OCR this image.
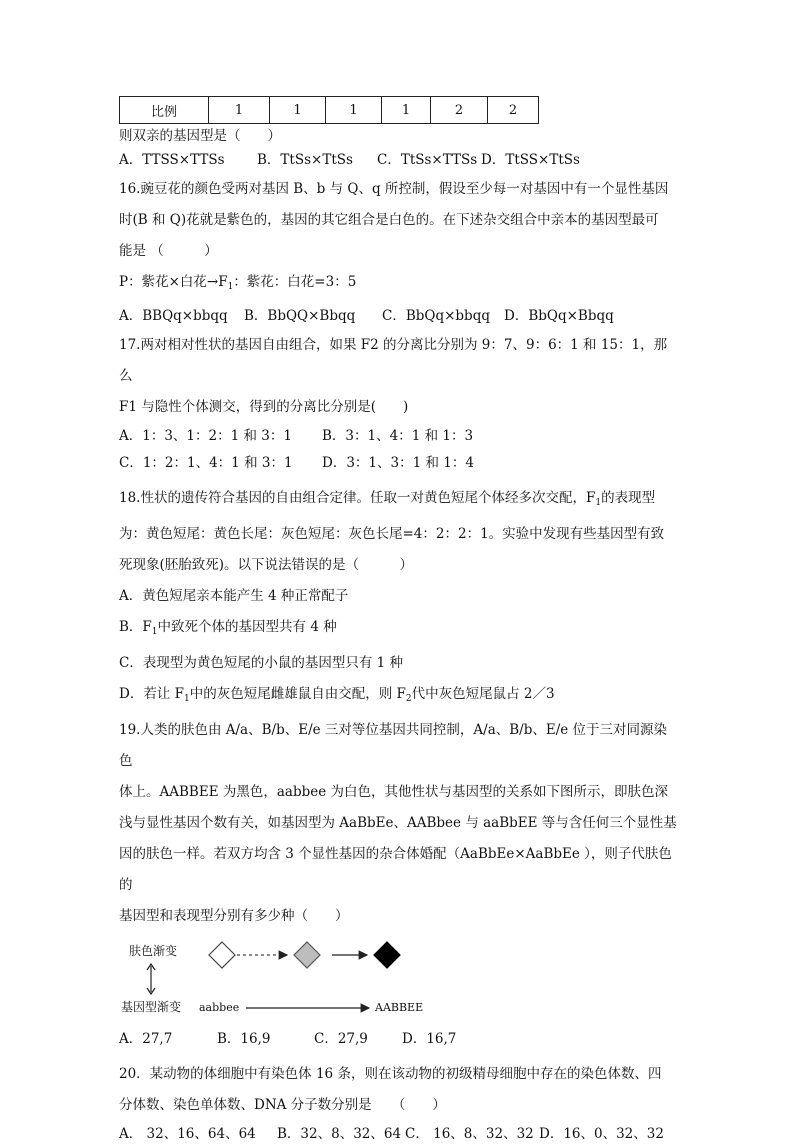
比例	1	1	1	1	2	2

则双亲的基因型是（　　）

A．TTSS×TTSs	B．TtSs×TtSs	C．TtSs×TTSs D．TtSS×TtSs

16.豌豆花的颜色受两对基因 B、b 与 Q、q 所控制，假设至少每一对基因中有一个显性基因

时(B 和 Q)花就是紫色的，基因的其它组合是白色的。在下述杂交组合中亲本的基因型最可

能是 （　　　）

P：紫花×白花$\to F_1$：紫花：白花=3：5

A．BBQq×bbqq	B．BbQQ×Bbqq	C．BbQq×bbqq	D．BbQq×Bbqq

17.两对相对性状的基因自由组合，如果 F2 的分离比分别为 9：7、9：6：1 和 15：1，那么

F1 与隐性个体测交，得到的分离比分别是(　　)

A．1：3、1：2：1 和 3：1	B．3：1、4：1 和 1：3
C．1：2：1、4：1 和 3：1	D．3：1、3：1 和 1：4

18.性状的遗传符合基因的自由组合定律。任取一对黄色短尾个体经多次交配，$F_1$的表现型

为：黄色短尾：黄色长尾：灰色短尾：灰色长尾=4：2：2：1。实验中发现有些基因型有致

死现象(胚胎致死)。以下说法错误的是（　　　）

A．黄色短尾亲本能产生 4 种正常配子

B．$F_1$中致死个体的基因型共有 4 种

C．表现型为黄色短尾的小鼠的基因型只有 1 种

D．若让 $F_1$中的灰色短尾雌雄鼠自由交配，则 $F_2$代中灰色短尾鼠占 2／3

19.人类的肤色由 A/a、B/b、E/e 三对等位基因共同控制，A/a、B/b、E/e 位于三对同源染色

体上。AABBEE 为黑色，aabbee 为白色，其他性状与基因型的关系如下图所示，即肤色深

浅与显性基因个数有关，如基因型为 AaBbEe、AABbee 与 aaBbEE 等与含任何三个显性基

因的肤色一样。若双方均含 3 个显性基因的杂合体婚配（AaBbEe×AaBbEe ），则子代肤色的

基因型和表现型分别有多少种（　　）

肤色渐变
基因型渐变 aabbee	AABBEE
A．27,7	B．16,9	C．27,9	D．16,7

20．某动物的体细胞中有染色体 16 条，则在该动物的初级精母细胞中存在的染色体数、四

分体数、染色单体数、DNA 分子数分别是　　（　　）

A． 32、16、64、64	B．32、8、32、64 C． 16、8、32、32 D．16、0、32、32
